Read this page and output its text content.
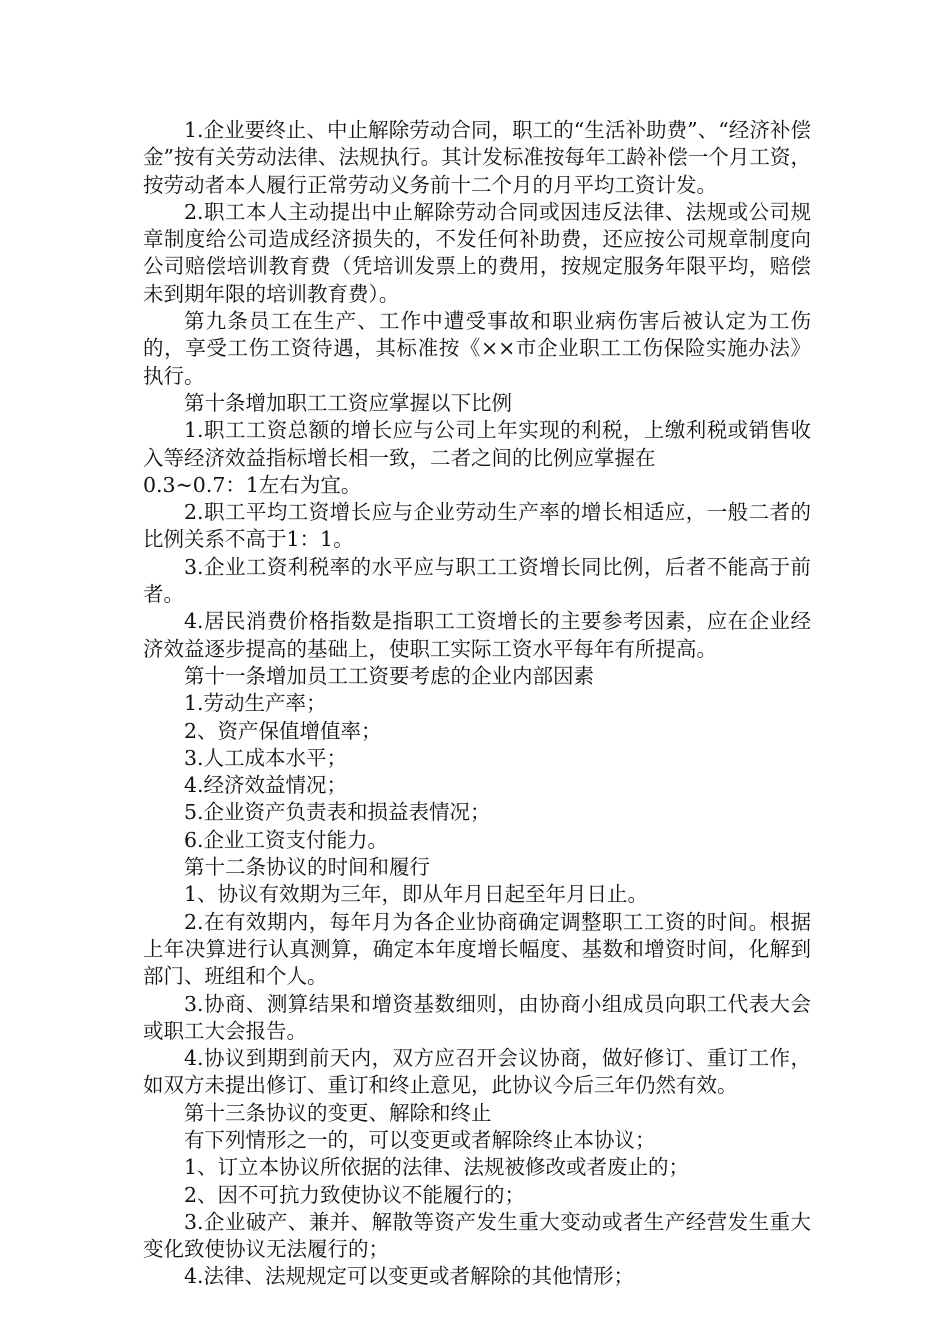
1.企业要终止、中止解除劳动合同，职工的“生活补助费”、“经济补偿金”按有关劳动法律、法规执行。其计发标准按每年工龄补偿一个月工资，按劳动者本人履行正常劳动义务前十二个月的月平均工资计发。

2.职工本人主动提出中止解除劳动合同或因违反法律、法规或公司规章制度给公司造成经济损失的，不发任何补助费，还应按公司规章制度向公司赔偿培训教育费（凭培训发票上的费用，按规定服务年限平均，赔偿未到期年限的培训教育费）。

第九条员工在生产、工作中遭受事故和职业病伤害后被认定为工伤的，享受工伤工资待遇，其标准按《××市企业职工工伤保险实施办法》执行。

第十条增加职工工资应掌握以下比例

1.职工工资总额的增长应与公司上年实现的利税，上缴利税或销售收入等经济效益指标增长相一致，二者之间的比例应掌握在

0.3~0.7：1左右为宜。

2.职工平均工资增长应与企业劳动生产率的增长相适应，一般二者的比例关系不高于1：1。

3.企业工资利税率的水平应与职工工资增长同比例，后者不能高于前者。

4.居民消费价格指数是指职工工资增长的主要参考因素，应在企业经济效益逐步提高的基础上，使职工实际工资水平每年有所提高。

第十一条增加员工工资要考虑的企业内部因素

1.劳动生产率；

2、资产保值增值率；

3.人工成本水平；

4.经济效益情况；

5.企业资产负责表和损益表情况；

6.企业工资支付能力。

第十二条协议的时间和履行

1、协议有效期为三年，即从年月日起至年月日止。

2.在有效期内，每年月为各企业协商确定调整职工工资的时间。根据上年决算进行认真测算，确定本年度增长幅度、基数和增资时间，化解到部门、班组和个人。

3.协商、测算结果和增资基数细则，由协商小组成员向职工代表大会或职工大会报告。

4.协议到期到前天内，双方应召开会议协商，做好修订、重订工作，如双方未提出修订、重订和终止意见，此协议今后三年仍然有效。

第十三条协议的变更、解除和终止

有下列情形之一的，可以变更或者解除终止本协议；

1、订立本协议所依据的法律、法规被修改或者废止的；

2、因不可抗力致使协议不能履行的；

3.企业破产、兼并、解散等资产发生重大变动或者生产经营发生重大变化致使协议无法履行的；

4.法律、法规规定可以变更或者解除的其他情形；
